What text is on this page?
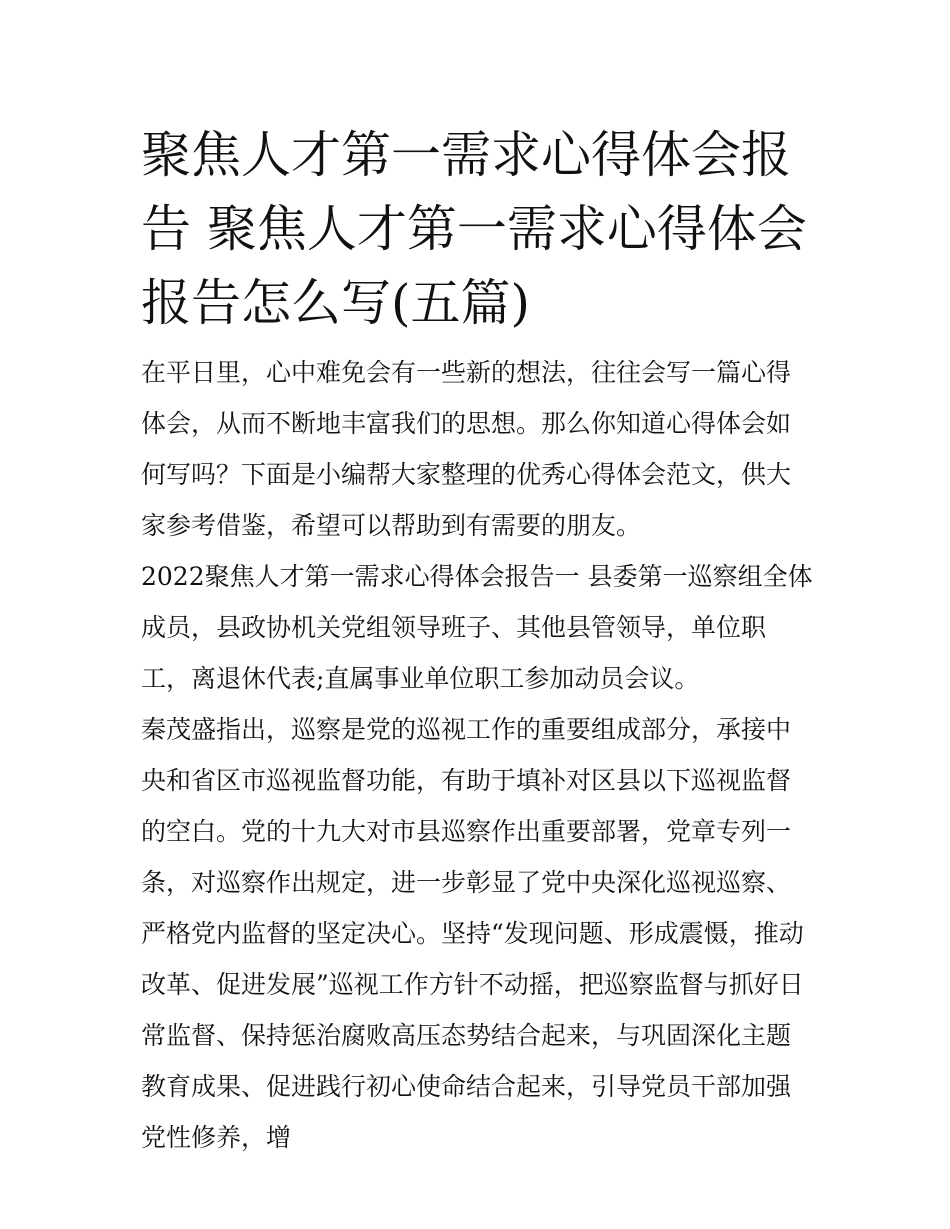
聚焦人才第一需求心得体会报告 聚焦人才第一需求心得体会报告怎么写(五篇)

在平日里，心中难免会有一些新的想法，往往会写一篇心得体会，从而不断地丰富我们的思想。那么你知道心得体会如何写吗？下面是小编帮大家整理的优秀心得体会范文，供大家参考借鉴，希望可以帮助到有需要的朋友。

2022聚焦人才第一需求心得体会报告一 县委第一巡察组全体成员，县政协机关党组领导班子、其他县管领导，单位职工，离退休代表;直属事业单位职工参加动员会议。

秦茂盛指出，巡察是党的巡视工作的重要组成部分，承接中央和省区市巡视监督功能，有助于填补对区县以下巡视监督的空白。党的十九大对市县巡察作出重要部署，党章专列一条，对巡察作出规定，进一步彰显了党中央深化巡视巡察、严格党内监督的坚定决心。坚持“发现问题、形成震慑，推动改革、促进发展”巡视工作方针不动摇，把巡察监督与抓好日常监督、保持惩治腐败高压态势结合起来，与巩固深化主题教育成果、促进践行初心使命结合起来，引导党员干部加强党性修养，增
